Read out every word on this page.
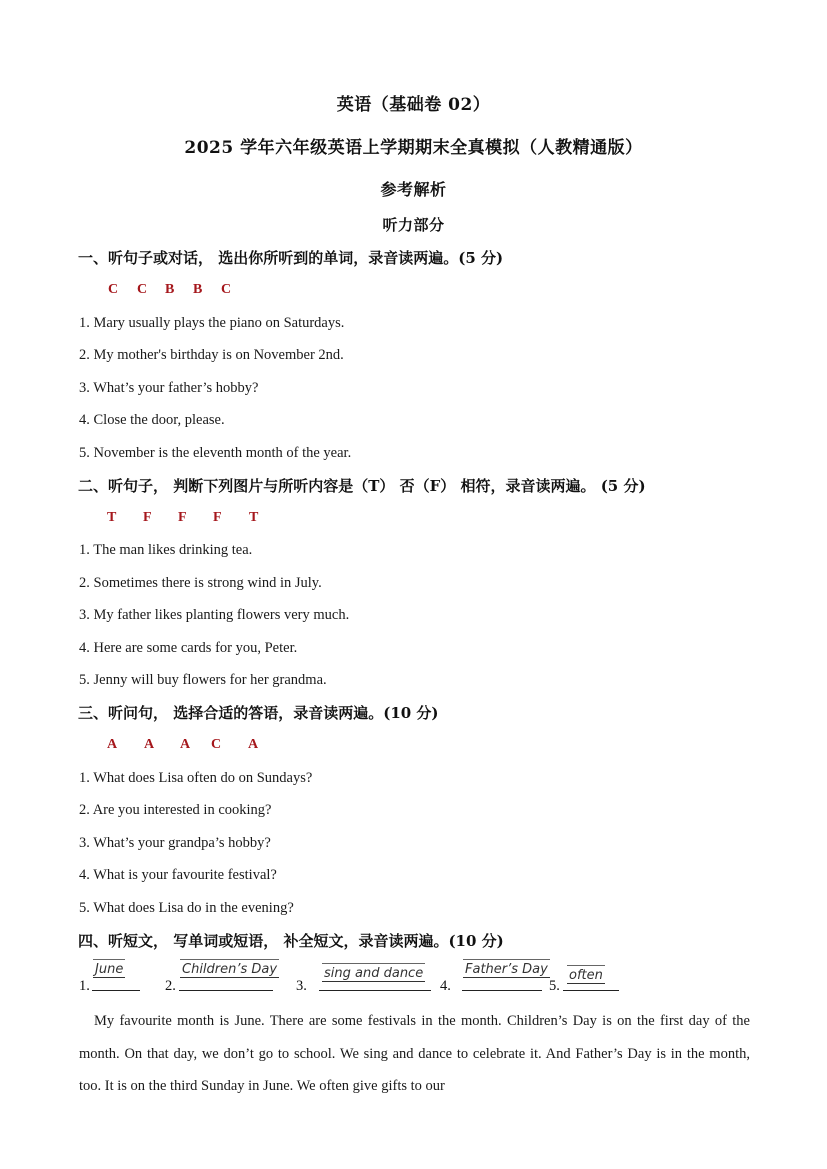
英语（基础卷 02）
2025 学年六年级英语上学期期末全真模拟（人教精通版）
参考解析
听力部分
一、听句子或对话， 选出你所听到的单词，录音读两遍。(5 分)
C C B B C
1. Mary usually plays the piano on Saturdays.
2. My mother's birthday is on November 2nd.
3. What’s your father’s hobby?
4. Close the door, please.
5. November is the eleventh month of the year.
二、听句子， 判断下列图片与所听内容是（T） 否（F） 相符，录音读两遍。 (5 分)
T F F F T
1. The man likes drinking tea.
2. Sometimes there is strong wind in July.
3. My father likes planting flowers very much.
4. Here are some cards for you, Peter.
5. Jenny will buy flowers for her grandma.
三、听问句， 选择合适的答语，录音读两遍。(10 分)
A A A C A
1. What does Lisa often do on Sundays?
2. Are you interested in cooking?
3. What’s your grandpa’s hobby?
4. What is your favourite festival?
5. What does Lisa do in the evening?
四、听短文， 写单词或短语， 补全短文，录音读两遍。(10 分)
1.
June
2.
Children’s Day
3.
sing and dance
4.
Father’s Day
5.
often
My favourite month is June. There are some festivals in the month. Children’s Day is on the first day of the month. On that day, we don’t go to school. We sing and dance to celebrate it. And Father’s Day is in the month, too. It is on the third Sunday in June. We often give gifts to our
